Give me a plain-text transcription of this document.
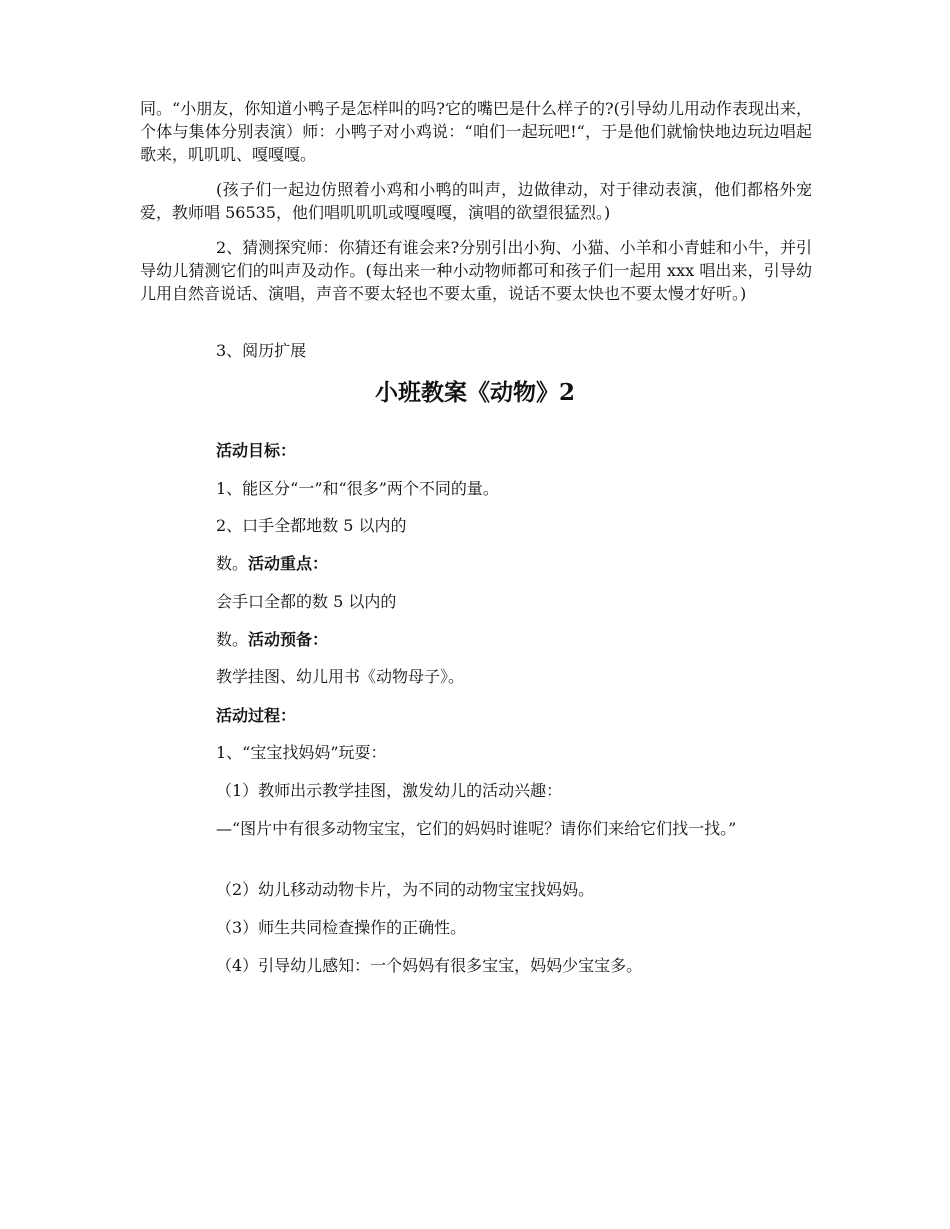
同。“小朋友，你知道小鸭子是怎样叫的吗?它的嘴巴是什么样子的?(引导幼儿用动作表现出来，个体与集体分别表演）师：小鸭子对小鸡说：“咱们一起玩吧!“，于是他们就愉快地边玩边唱起歌来，叽叽叽、嘎嘎嘎。

(孩子们一起边仿照着小鸡和小鸭的叫声，边做律动，对于律动表演，他们都格外宠爱，教师唱 56535，他们唱叽叽叽或嘎嘎嘎，演唱的欲望很猛烈。)

2、猜测探究师：你猜还有谁会来?分别引出小狗、小猫、小羊和小青蛙和小牛，并引导幼儿猜测它们的叫声及动作。(每出来一种小动物师都可和孩子们一起用 xxx 唱出来，引导幼儿用自然音说话、演唱，声音不要太轻也不要太重，说话不要太快也不要太慢才好听。)

3、阅历扩展

小班教案《动物》2

活动目标：

1、能区分“一”和“很多”两个不同的量。

2、口手全都地数 5 以内的

数。活动重点：

会手口全都的数 5 以内的

数。活动预备：

教学挂图、幼儿用书《动物母子》。

活动过程：

1、“宝宝找妈妈”玩耍：

（1）教师出示教学挂图，激发幼儿的活动兴趣：

—“图片中有很多动物宝宝，它们的妈妈时谁呢？请你们来给它们找一找。”

（2）幼儿移动动物卡片，为不同的动物宝宝找妈妈。

（3）师生共同检查操作的正确性。

（4）引导幼儿感知：一个妈妈有很多宝宝，妈妈少宝宝多。
